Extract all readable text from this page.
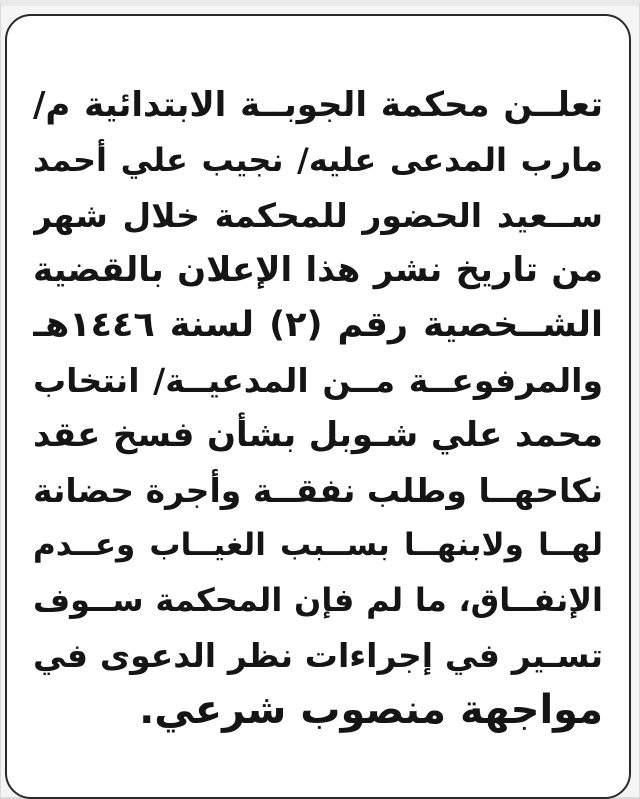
تعلــن محكمة الجوبــة الابتدائية م/
مارب المدعى عليه/ نجيب علي أحمد
ســعيد الحضور للمحكمة خلال شهر
من تاريخ نشر هذا الإعلان بالقضية
الشــخصية رقم (٢) لسنة ١٤٤٦هـ
والمرفوعــة مــن المدعيــة/ انتخاب
محمد علي شـوبل بشأن فسخ عقد
نكاحهــا وطلب نفقــة وأجرة حضانة
لهــا ولابنهــا بســبب الغيــاب وعــدم
الإنفــاق، ما لم فإن المحكمة ســوف
تسـير في إجراءات نظر الدعوى في
مواجهة منصوب شرعي.
